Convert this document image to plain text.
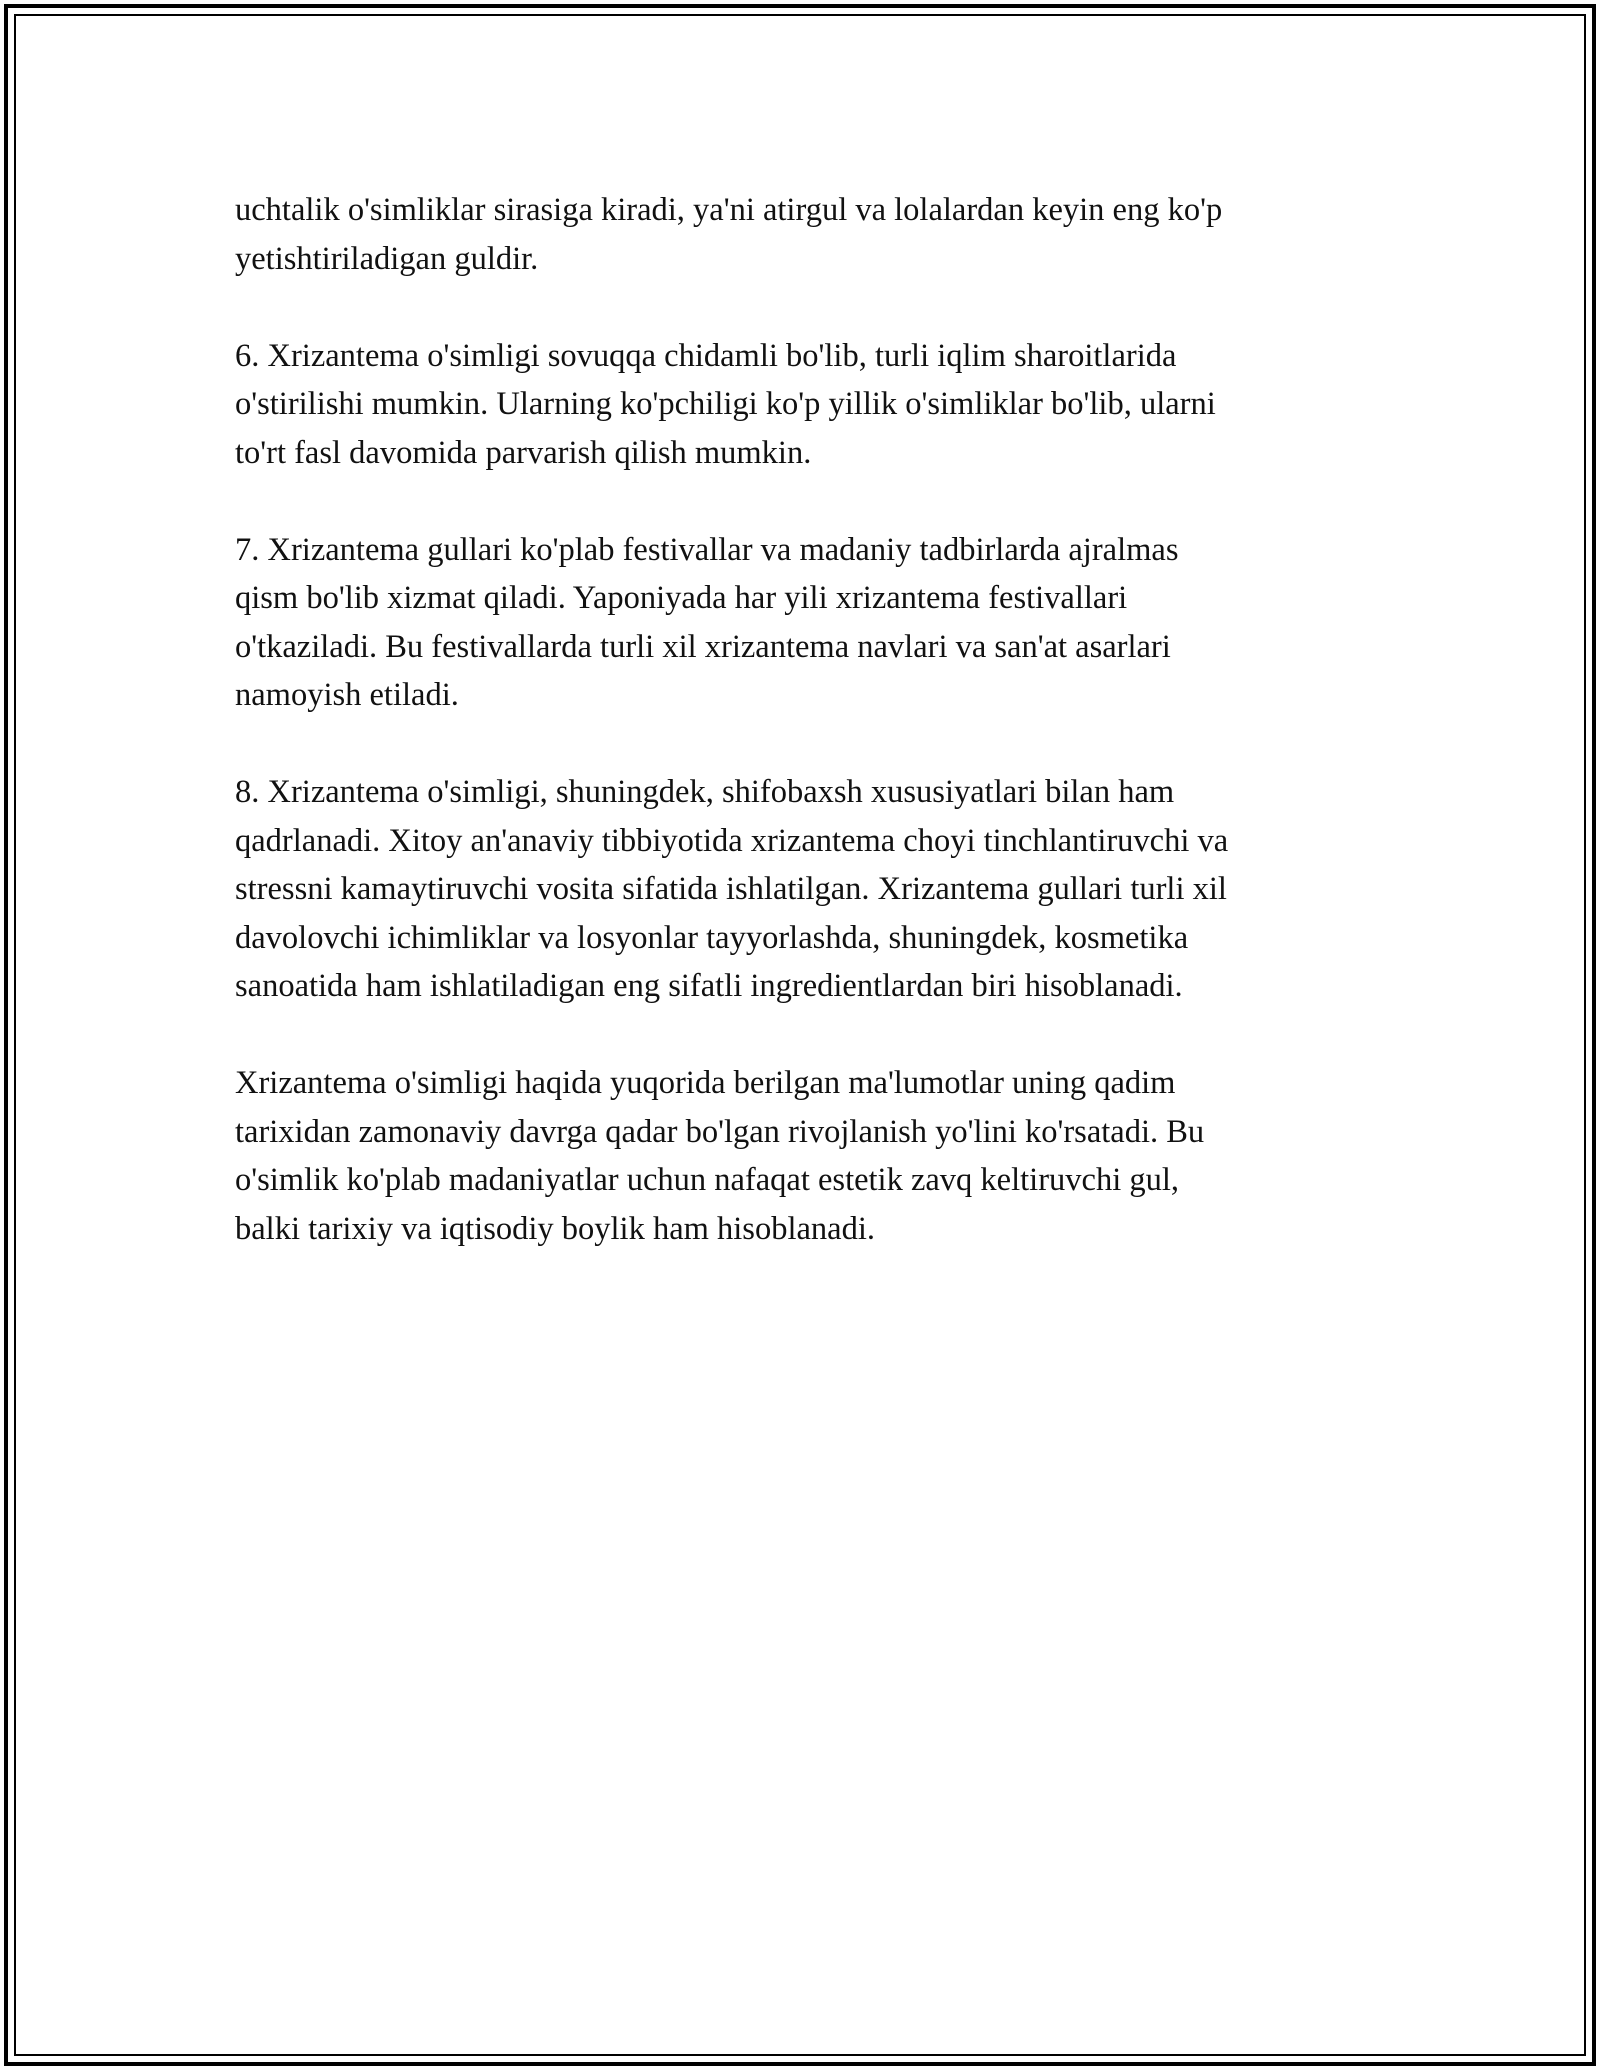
uchtalik o'simliklar sirasiga kiradi, ya'ni atirgul va lolalardan keyin eng ko'p
yetishtiriladigan guldir.

6. Xrizantema o'simligi sovuqqa chidamli bo'lib, turli iqlim sharoitlarida
o'stirilishi mumkin. Ularning ko'pchiligi ko'p yillik o'simliklar bo'lib, ularni
to'rt fasl davomida parvarish qilish mumkin.

7. Xrizantema gullari ko'plab festivallar va madaniy tadbirlarda ajralmas
qism bo'lib xizmat qiladi. Yaponiyada har yili xrizantema festivallari
o'tkaziladi. Bu festivallarda turli xil xrizantema navlari va san'at asarlari
namoyish etiladi.

8. Xrizantema o'simligi, shuningdek, shifobaxsh xususiyatlari bilan ham
qadrlanadi. Xitoy an'anaviy tibbiyotida xrizantema choyi tinchlantiruvchi va
stressni kamaytiruvchi vosita sifatida ishlatilgan. Xrizantema gullari turli xil
davolovchi ichimliklar va losyonlar tayyorlashda, shuningdek, kosmetika
sanoatida ham ishlatiladigan eng sifatli ingredientlardan biri hisoblanadi.

Xrizantema o'simligi haqida yuqorida berilgan ma'lumotlar uning qadim
tarixidan zamonaviy davrga qadar bo'lgan rivojlanish yo'lini ko'rsatadi. Bu
o'simlik ko'plab madaniyatlar uchun nafaqat estetik zavq keltiruvchi gul,
balki tarixiy va iqtisodiy boylik ham hisoblanadi.
